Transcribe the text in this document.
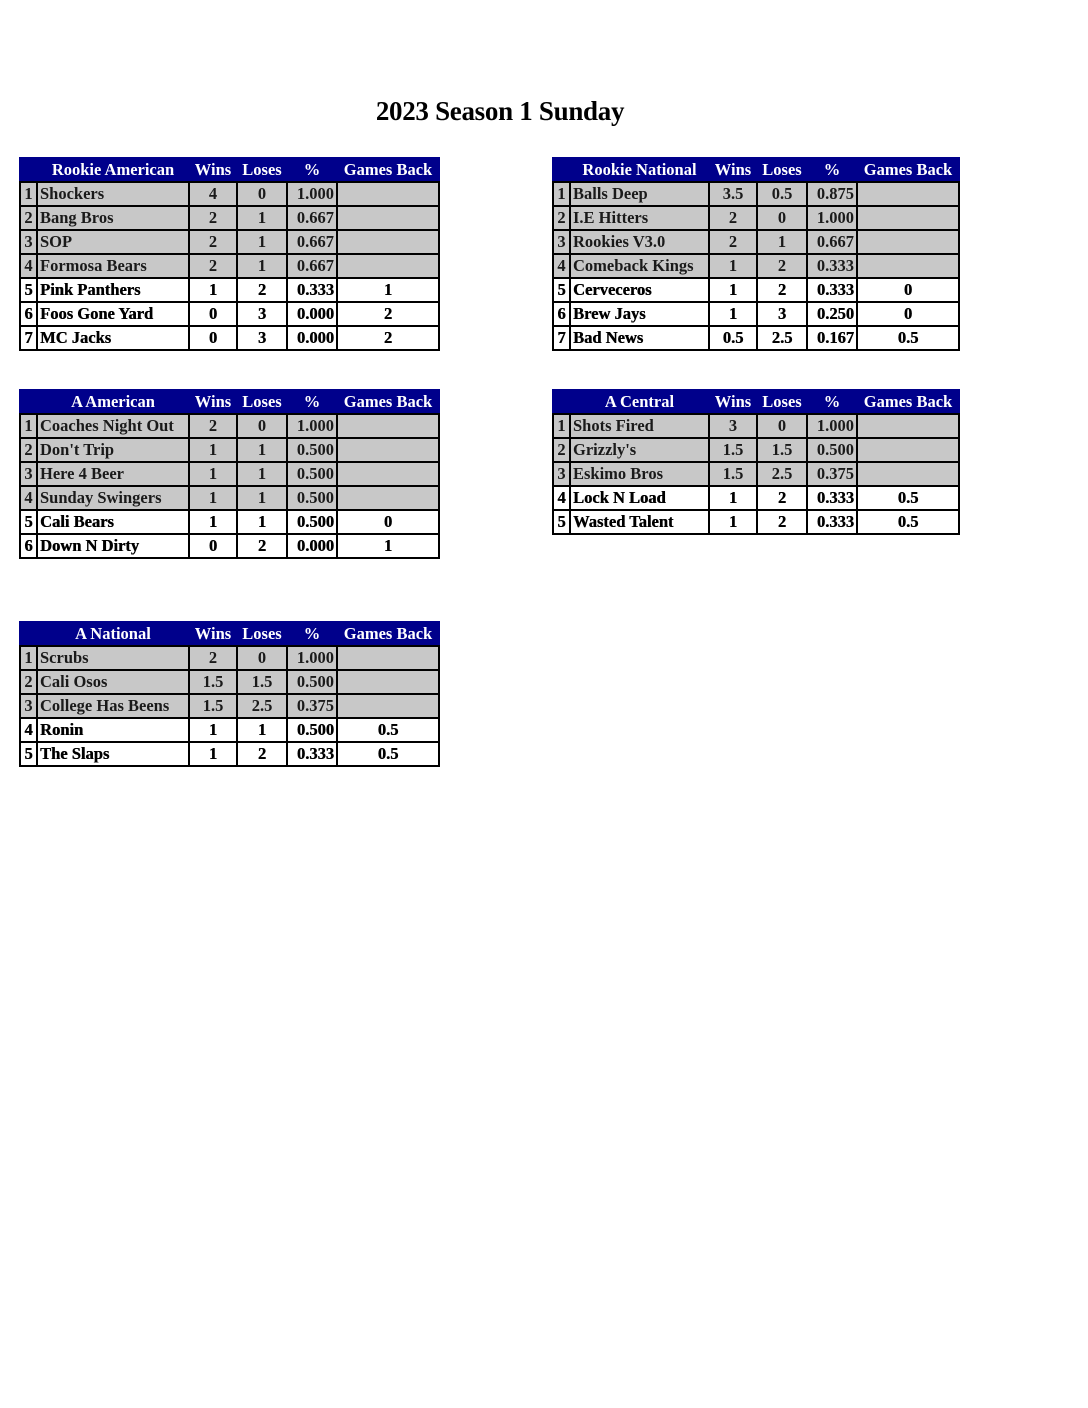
2023 Season 1 Sunday
	Rookie American	Wins	Loses	%	Games Back
1	Shockers	4	0	1.000	
2	Bang Bros	2	1	0.667	
3	SOP	2	1	0.667	
4	Formosa Bears	2	1	0.667	
5	Pink Panthers	1	2	0.333	1
6	Foos Gone Yard	0	3	0.000	2
7	MC Jacks	0	3	0.000	2
	Rookie National	Wins	Loses	%	Games Back
1	Balls Deep	3.5	0.5	0.875	
2	I.E Hitters	2	0	1.000	
3	Rookies V3.0	2	1	0.667	
4	Comeback Kings	1	2	0.333	
5	Cerveceros	1	2	0.333	0
6	Brew Jays	1	3	0.250	0
7	Bad News	0.5	2.5	0.167	0.5
	A American	Wins	Loses	%	Games Back
1	Coaches Night Out	2	0	1.000	
2	Don't Trip	1	1	0.500	
3	Here 4 Beer	1	1	0.500	
4	Sunday Swingers	1	1	0.500	
5	Cali Bears	1	1	0.500	0
6	Down N Dirty	0	2	0.000	1
	A Central	Wins	Loses	%	Games Back
1	Shots Fired	3	0	1.000	
2	Grizzly's	1.5	1.5	0.500	
3	Eskimo Bros	1.5	2.5	0.375	
4	Lock N Load	1	2	0.333	0.5
5	Wasted Talent	1	2	0.333	0.5
	A National	Wins	Loses	%	Games Back
1	Scrubs	2	0	1.000	
2	Cali Osos	1.5	1.5	0.500	
3	College Has Beens	1.5	2.5	0.375	
4	Ronin	1	1	0.500	0.5
5	The Slaps	1	2	0.333	0.5
